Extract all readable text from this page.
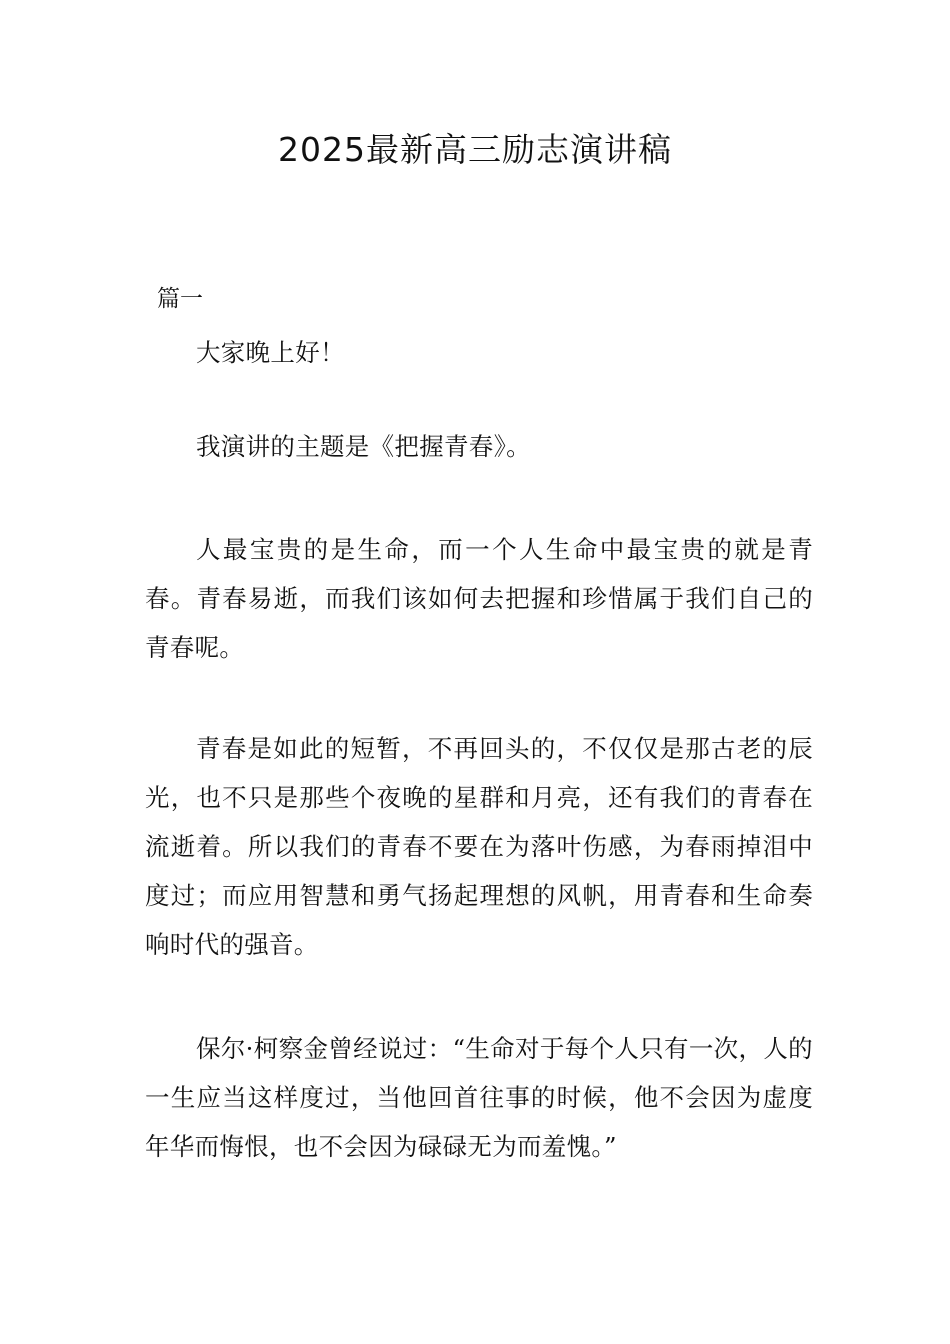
2025最新高三励志演讲稿
篇一

大家晚上好！

我演讲的主题是《把握青春》。

人最宝贵的是生命，而一个人生命中最宝贵的就是青春。青春易逝，而我们该如何去把握和珍惜属于我们自己的青春呢。

青春是如此的短暂，不再回头的，不仅仅是那古老的辰光，也不只是那些个夜晚的星群和月亮，还有我们的青春在流逝着。所以我们的青春不要在为落叶伤感，为春雨掉泪中度过；而应用智慧和勇气扬起理想的风帆，用青春和生命奏响时代的强音。

保尔·柯察金曾经说过：“生命对于每个人只有一次，人的一生应当这样度过，当他回首往事的时候，他不会因为虚度年华而悔恨，也不会因为碌碌无为而羞愧。”
